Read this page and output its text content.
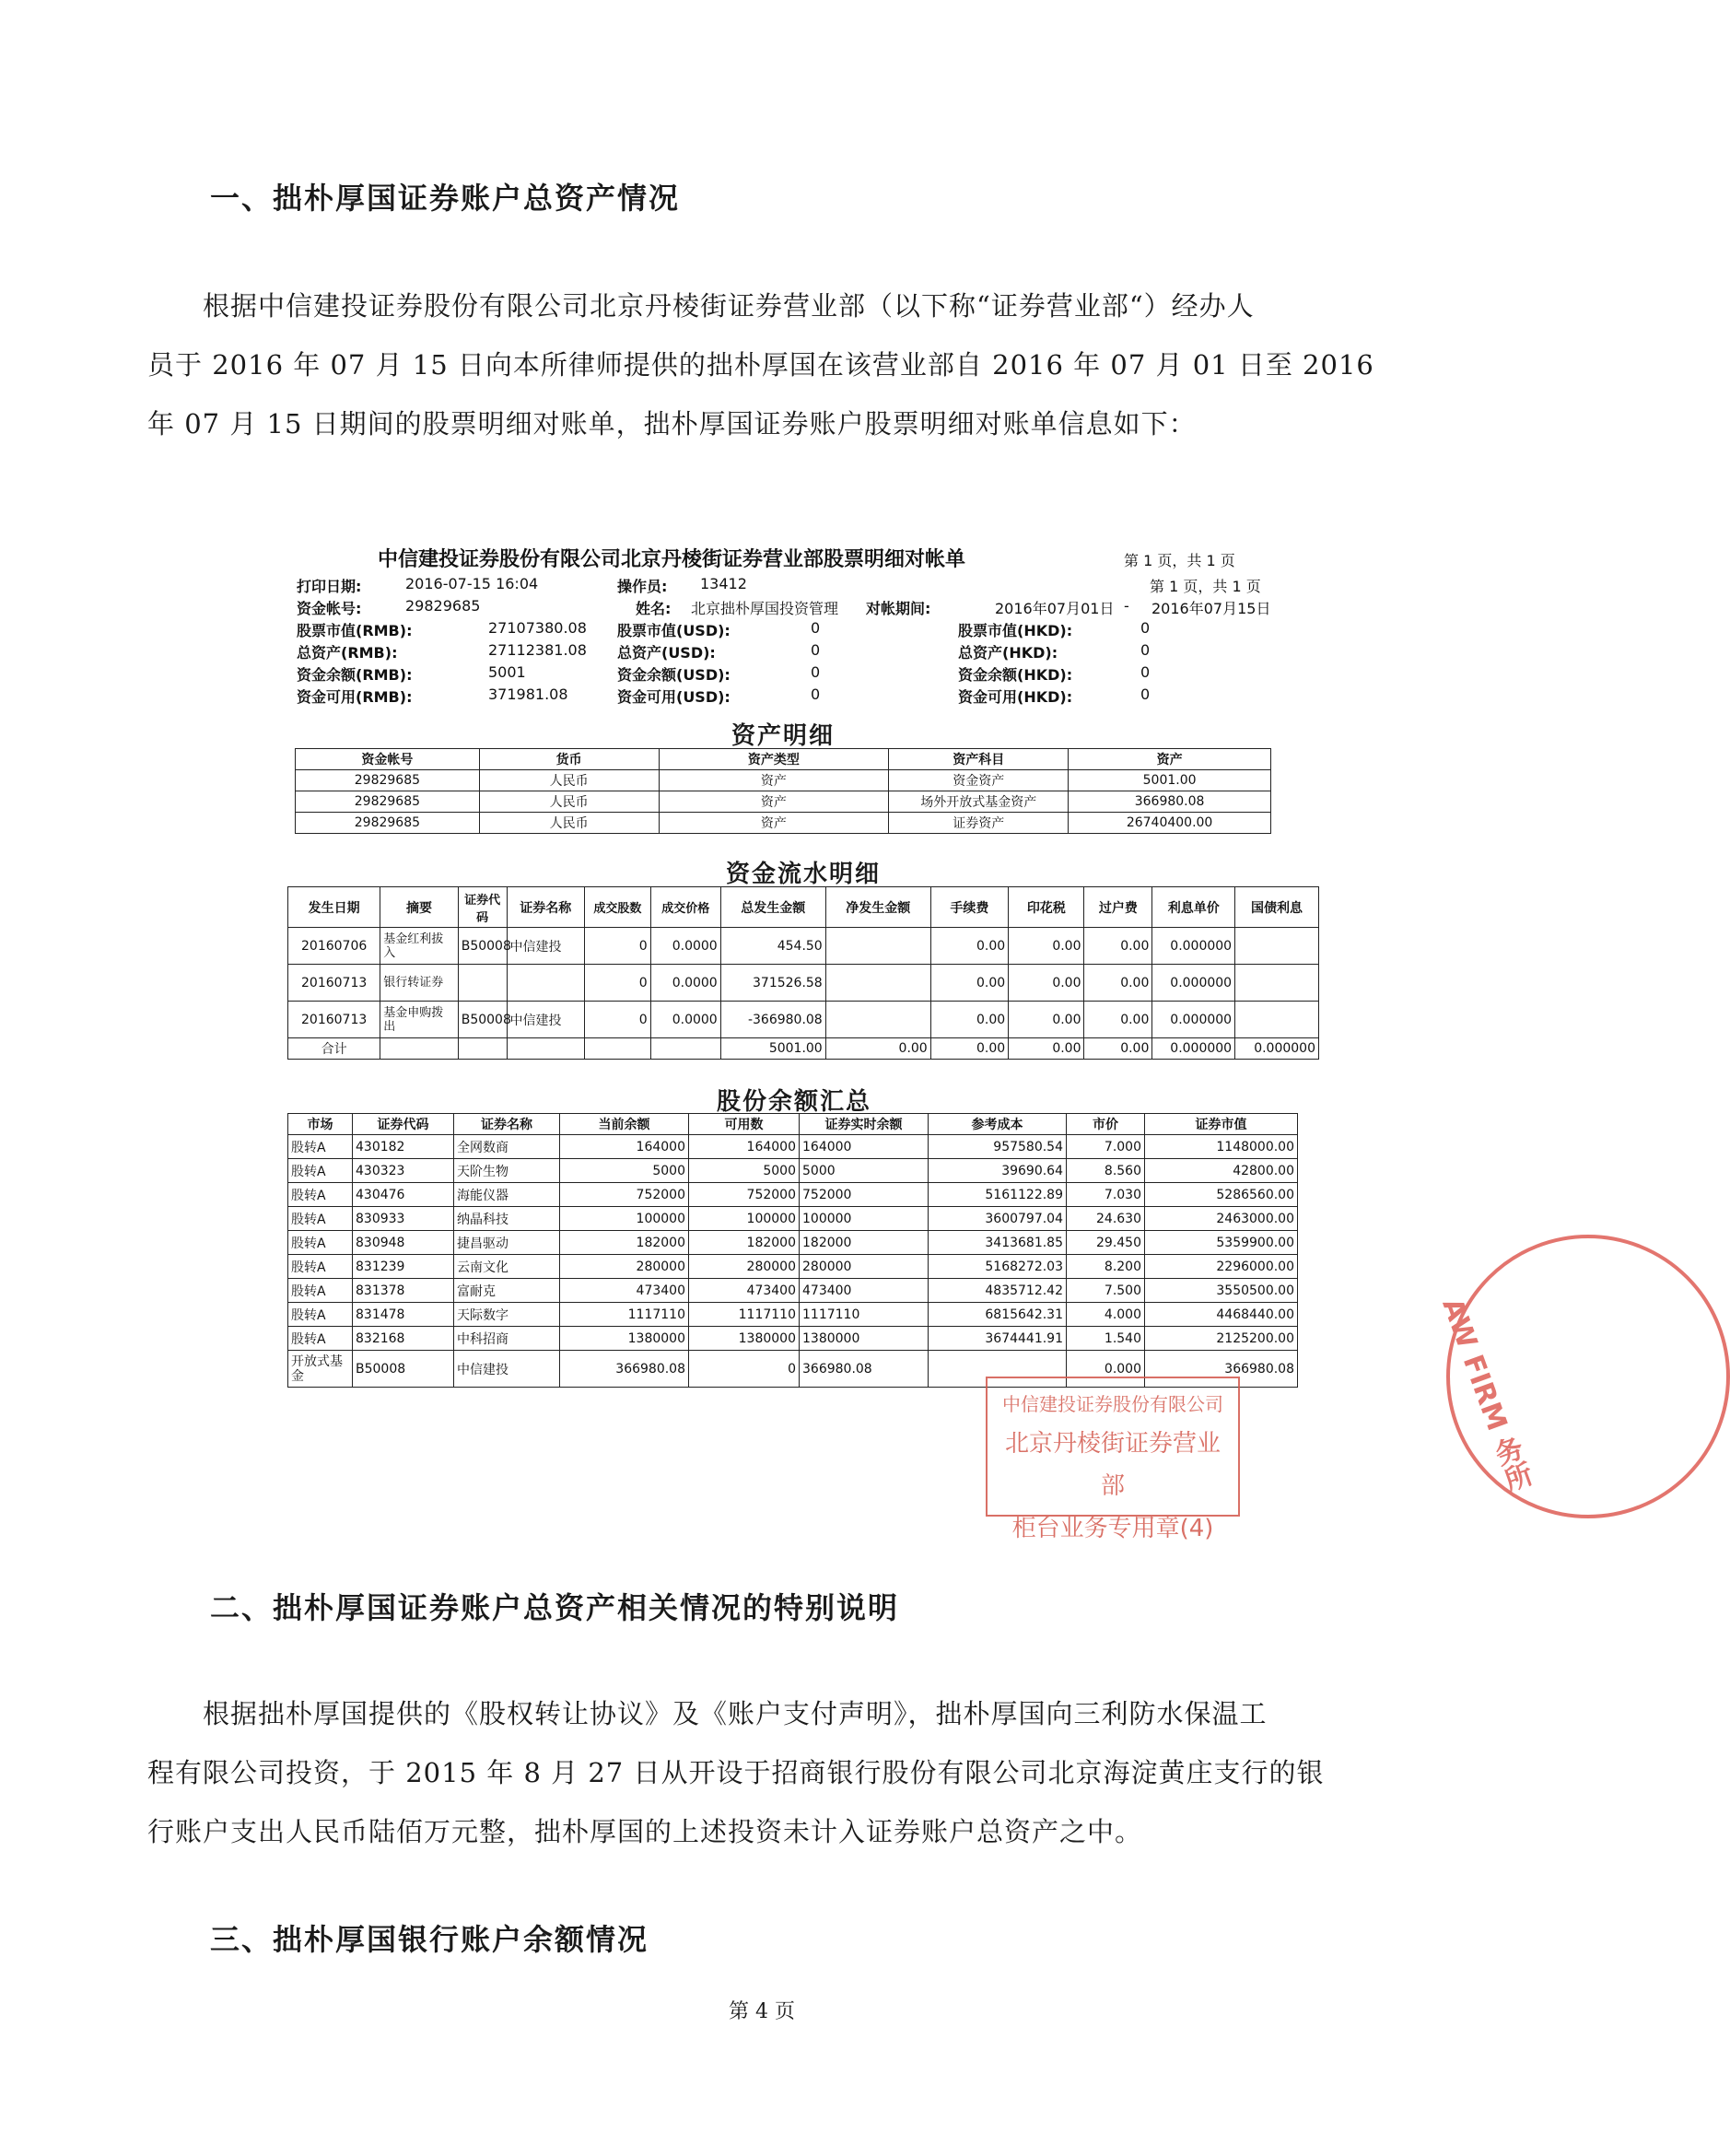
一、拙朴厚国证券账户总资产情况

根据中信建投证券股份有限公司北京丹棱街证券营业部（以下称“证券营业部“）经办人

员于 2016 年 07 月 15 日向本所律师提供的拙朴厚国在该营业部自 2016 年 07 月 01 日至 2016

年 07 月 15 日期间的股票明细对账单，拙朴厚国证券账户股票明细对账单信息如下：

中信建投证券股份有限公司北京丹棱街证券营业部股票明细对帐单	第 1 页，共 1 页
打印日期:	2016-07-15 16:04	操作员: 13412	第 1 页，共 1 页
资金帐号:	29829685	姓名: 北京拙朴厚国投资管理 对帐期间:	2016年07月01日 - 2016年07月15日
股票市值(RMB):	27107380.08 股票市值(USD):	0	股票市值(HKD):	0
总资产(RMB):	27112381.08 总资产(USD):	0	总资产(HKD):	0
资金余额(RMB):	5001	资金余额(USD):	0	资金余额(HKD):	0
资金可用(RMB):	371981.08	资金可用(USD):	0	资金可用(HKD):	0
资产明细
资金帐号	货币	资产类型	资产科目	资产
29829685	人民币	资产	资金资产	5001.00
29829685	人民币	资产	场外开放式基金资产	366980.08
29829685	人民币	资产	证券资产	26740400.00
资金流水明细
发生日期	摘要	证券代码	证券名称	成交股数	成交价格	总发生金额	净发生金额	手续费	印花税	过户费	利息单价	国债利息
20160706	基金红利拔入	B50008	中信建投	0	0.0000	454.50		0.00	0.00	0.00	0.000000	
20160713	银行转证券			0	0.0000	371526.58		0.00	0.00	0.00	0.000000	
20160713	基金申购拨出	B50008	中信建投	0	0.0000	-366980.08		0.00	0.00	0.00	0.000000	
合计						5001.00	0.00	0.00	0.00	0.00	0.000000	0.000000
股份余额汇总
市场	证券代码	证券名称	当前余额	可用数	证券实时余额	参考成本	市价	证券市值
股转A	430182	全网数商	164000	164000	164000	957580.54	7.000	1148000.00
股转A	430323	天阶生物	5000	5000	5000	39690.64	8.560	42800.00
股转A	430476	海能仪器	752000	752000	752000	5161122.89	7.030	5286560.00
股转A	830933	纳晶科技	100000	100000	100000	3600797.04	24.630	2463000.00
股转A	830948	捷昌驱动	182000	182000	182000	3413681.85	29.450	5359900.00
股转A	831239	云南文化	280000	280000	280000	5168272.03	8.200	2296000.00
股转A	831378	富耐克	473400	473400	473400	4835712.42	7.500	3550500.00
股转A	831478	天际数字	1117110	1117110	1117110	6815642.31	4.000	4468440.00
股转A	832168	中科招商	1380000	1380000	1380000	3674441.91	1.540	2125200.00
开放式基金	B50008	中信建投	366980.08	0	366980.08		0.000	366980.08
中信建投证券股份有限公司
北京丹棱街证券营业部
柜台业务专用章(4)
AW FIRM 务所
二、拙朴厚国证券账户总资产相关情况的特别说明

根据拙朴厚国提供的《股权转让协议》及《账户支付声明》，拙朴厚国向三利防水保温工

程有限公司投资，于 2015 年 8 月 27 日从开设于招商银行股份有限公司北京海淀黄庄支行的银

行账户支出人民币陆佰万元整，拙朴厚国的上述投资未计入证券账户总资产之中。

三、拙朴厚国银行账户余额情况
第 4 页
